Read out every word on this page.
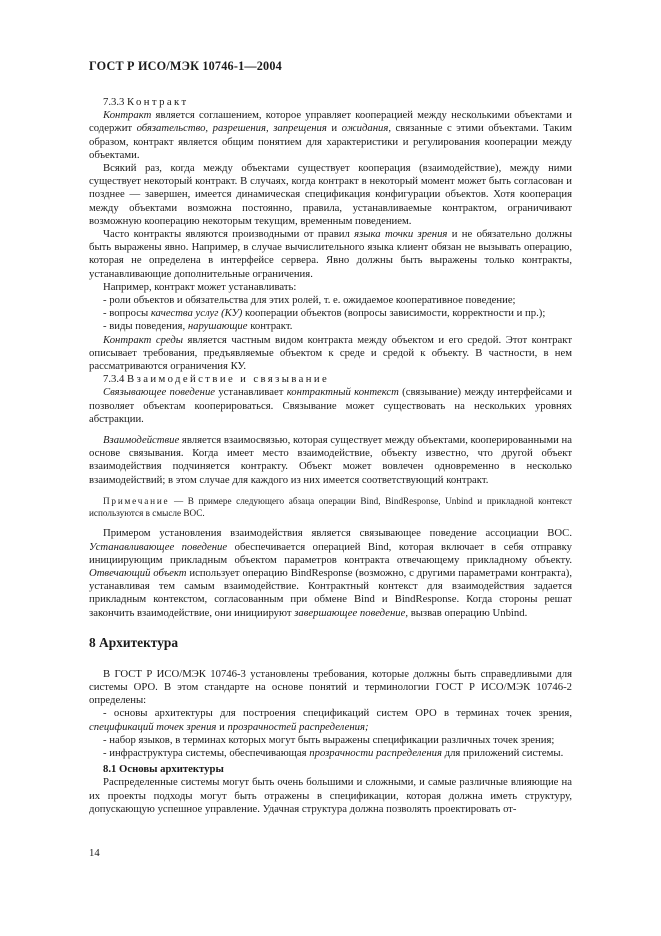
ГОСТ Р ИСО/МЭК 10746-1—2004

7.3.3 Контракт

Контракт является соглашением, которое управляет кооперацией между несколькими объектами и содержит обязательство, разрешения, запрещения и ожидания, связанные с этими объектами. Таким образом, контракт является общим понятием для характеристики и регулирования кооперации между объектами.

Всякий раз, когда между объектами существует кооперация (взаимодействие), между ними существует некоторый контракт. В случаях, когда контракт в некоторый момент может быть согласован и позднее — завершен, имеется динамическая спецификация конфигурации объектов. Хотя кооперация между объектами возможна постоянно, правила, устанавливаемые контрактом, ограничивают возможную кооперацию некоторым текущим, временным поведением.

Часто контракты являются производными от правил языка точки зрения и не обязательно должны быть выражены явно. Например, в случае вычислительного языка клиент обязан не вызывать операцию, которая не определена в интерфейсе сервера. Явно должны быть выражены только контракты, устанавливающие дополнительные ограничения.

Например, контракт может устанавливать:

- роли объектов и обязательства для этих ролей, т. е. ожидаемое кооперативное поведение;

- вопросы качества услуг (КУ) кооперации объектов (вопросы зависимости, корректности и пр.);

- виды поведения, нарушающие контракт.

Контракт среды является частным видом контракта между объектом и его средой. Этот контракт описывает требования, предъявляемые объектом к среде и средой к объекту. В частности, в нем рассматриваются ограничения КУ.

7.3.4 Взаимодействие и связывание

Связывающее поведение устанавливает контрактный контекст (связывание) между интерфейсами и позволяет объектам кооперироваться. Связывание может существовать на нескольких уровнях абстракции.

Взаимодействие является взаимосвязью, которая существует между объектами, кооперированными на основе связывания. Когда имеет место взаимодействие, объекту известно, что другой объект взаимодействия подчиняется контракту. Объект может вовлечен одновременно в несколько взаимодействий; в этом случае для каждого из них имеется соответствующий контракт.

Примечание — В примере следующего абзаца операции Bind, BindResponse, Unbind и прикладной контекст используются в смысле ВОС.

Примером установления взаимодействия является связывающее поведение ассоциации ВОС. Устанавливающее поведение обеспечивается операцией Bind, которая включает в себя отправку инициирующим прикладным объектом параметров контракта отвечающему прикладному объекту. Отвечающий объект использует операцию BindResponse (возможно, с другими параметрами контракта), устанавливая тем самым взаимодействие. Контрактный контекст для взаимодействия задается прикладным контекстом, согласованным при обмене Bind и BindResponse. Когда стороны решат закончить взаимодействие, они инициируют завершающее поведение, вызвав операцию Unbind.

8 Архитектура

В ГОСТ Р ИСО/МЭК 10746-3 установлены требования, которые должны быть справедливыми для системы ОРО. В этом стандарте на основе понятий и терминологии ГОСТ Р ИСО/МЭК 10746-2 определены:

- основы архитектуры для построения спецификаций систем ОРО в терминах точек зрения, спецификаций точек зрения и прозрачностей распределения;

- набор языков, в терминах которых могут быть выражены спецификации различных точек зрения;

- инфраструктура системы, обеспечивающая прозрачности распределения для приложений системы.

8.1 Основы архитектуры

Распределенные системы могут быть очень большими и сложными, и самые различные влияющие на их проекты подходы могут быть отражены в спецификации, которая должна иметь структуру, допускающую успешное управление. Удачная структура должна позволять проектировать от-

14
